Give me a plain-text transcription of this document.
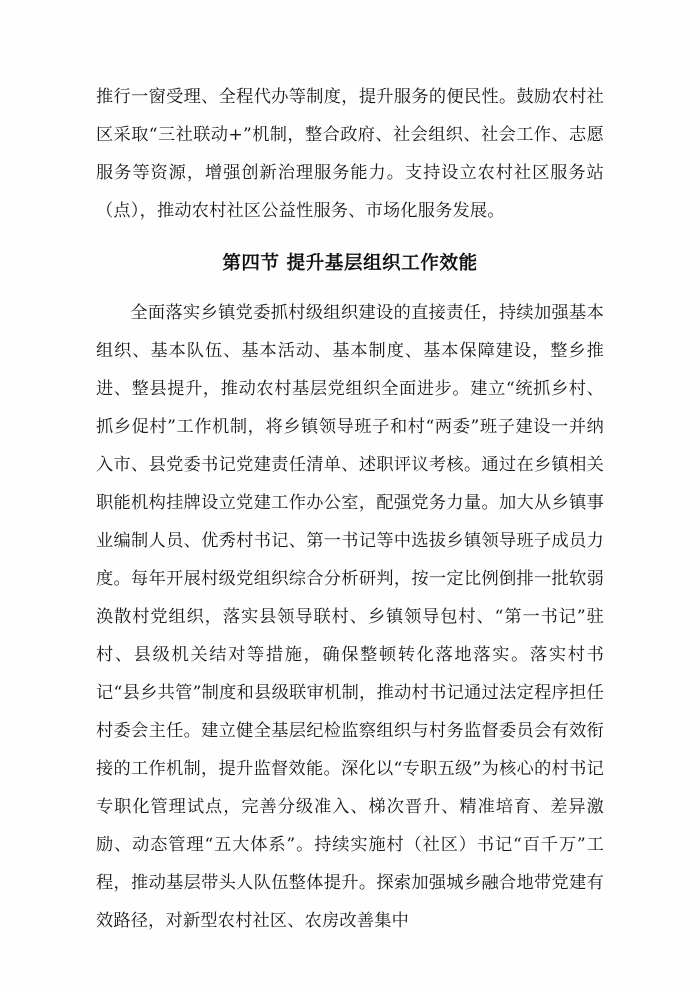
推行一窗受理、全程代办等制度，提升服务的便民性。鼓励农村社区采取“三社联动+”机制，整合政府、社会组织、社会工作、志愿服务等资源，增强创新治理服务能力。支持设立农村社区服务站（点），推动农村社区公益性服务、市场化服务发展。

第四节 提升基层组织工作效能

全面落实乡镇党委抓村级组织建设的直接责任，持续加强基本组织、基本队伍、基本活动、基本制度、基本保障建设，整乡推进、整县提升，推动农村基层党组织全面进步。建立“统抓乡村、抓乡促村”工作机制，将乡镇领导班子和村“两委”班子建设一并纳入市、县党委书记党建责任清单、述职评议考核。通过在乡镇相关职能机构挂牌设立党建工作办公室，配强党务力量。加大从乡镇事业编制人员、优秀村书记、第一书记等中选拔乡镇领导班子成员力度。每年开展村级党组织综合分析研判，按一定比例倒排一批软弱涣散村党组织，落实县领导联村、乡镇领导包村、“第一书记”驻村、县级机关结对等措施，确保整顿转化落地落实。落实村书记“县乡共管”制度和县级联审机制，推动村书记通过法定程序担任村委会主任。建立健全基层纪检监察组织与村务监督委员会有效衔接的工作机制，提升监督效能。深化以“专职五级”为核心的村书记专职化管理试点，完善分级准入、梯次晋升、精准培育、差异激励、动态管理“五大体系”。持续实施村（社区）书记“百千万”工程，推动基层带头人队伍整体提升。探索加强城乡融合地带党建有效路径，对新型农村社区、农房改善集中
